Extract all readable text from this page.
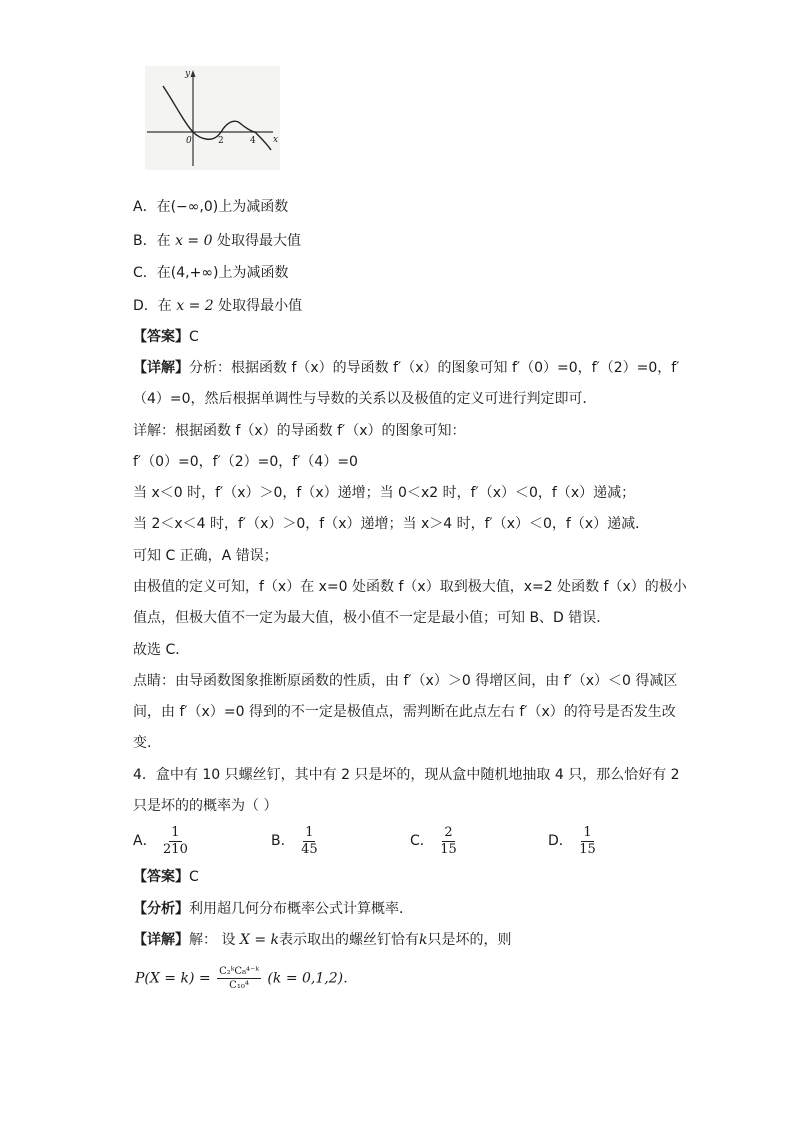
y
x
0	2	4
A．在(−∞,0)上为减函数
B．在 x = 0 处取得最大值
C．在(4,+∞)上为减函数
D．在 x = 2 处取得最小值
【答案】C
【详解】分析：根据函数 f（x）的导函数 f′（x）的图象可知 f′（0）=0，f′（2）=0，f′
（4）=0，然后根据单调性与导数的关系以及极值的定义可进行判定即可．
详解：根据函数 f（x）的导函数 f′（x）的图象可知：
f′（0）=0，f′（2）=0，f′（4）=0
当 x＜0 时，f′（x）＞0，f（x）递增；当 0＜x2 时，f′（x）＜0，f（x）递减；
当 2＜x＜4 时，f′（x）＞0，f（x）递增；当 x＞4 时，f′（x）＜0，f（x）递减．
可知 C 正确，A 错误；
由极值的定义可知，f（x）在 x=0 处函数 f（x）取到极大值，x=2 处函数 f（x）的极小
值点，但极大值不一定为最大值，极小值不一定是最小值；可知 B、D 错误．
故选 C．
点睛：由导函数图象推断原函数的性质，由 f′（x）＞0 得增区间，由 f′（x）＜0 得减区
间，由 f′（x）=0 得到的不一定是极值点，需判断在此点左右 f′（x）的符号是否发生改
变.
4．盒中有 10 只螺丝钉，其中有 2 只是坏的，现从盒中随机地抽取 4 只，那么恰好有 2
只是坏的的概率为（ ）
A． $\frac{1}{210}$	B． $\frac{1}{45}$	C． $\frac{2}{15}$	D． $\frac{1}{15}$
【答案】C
【分析】利用超几何分布概率公式计算概率．
【详解】解： 设 X = k表示取出的螺丝钉恰有k只是坏的，则
$P(X = k) = \frac{\text{C₂ᵏC₈⁴⁻ᵏ}}{\text{C₁₀⁴}} (k = 0,1,2)$．
